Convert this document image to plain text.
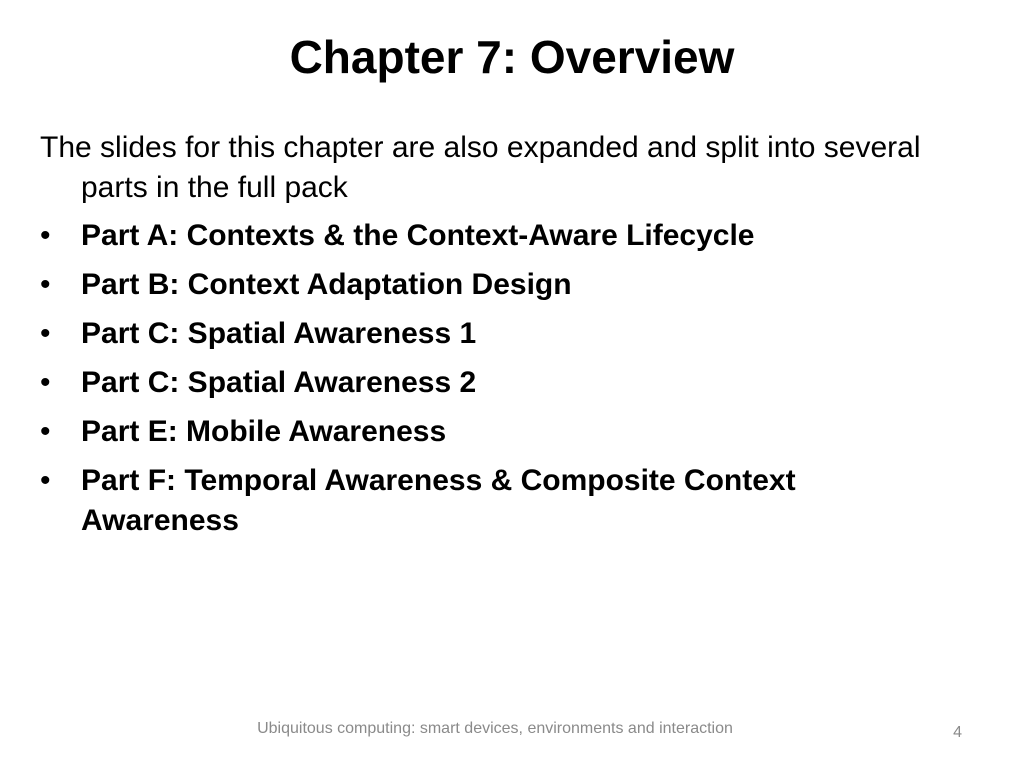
Chapter 7: Overview

The slides for this chapter are also expanded and split into several parts in the full pack

• Part A: Contexts & the Context-Aware Lifecycle
• Part B: Context Adaptation Design
• Part C: Spatial Awareness 1
• Part C: Spatial Awareness 2
• Part E: Mobile Awareness
• Part F: Temporal Awareness & Composite Context Awareness
Ubiquitous computing: smart devices, environments and interaction	4
